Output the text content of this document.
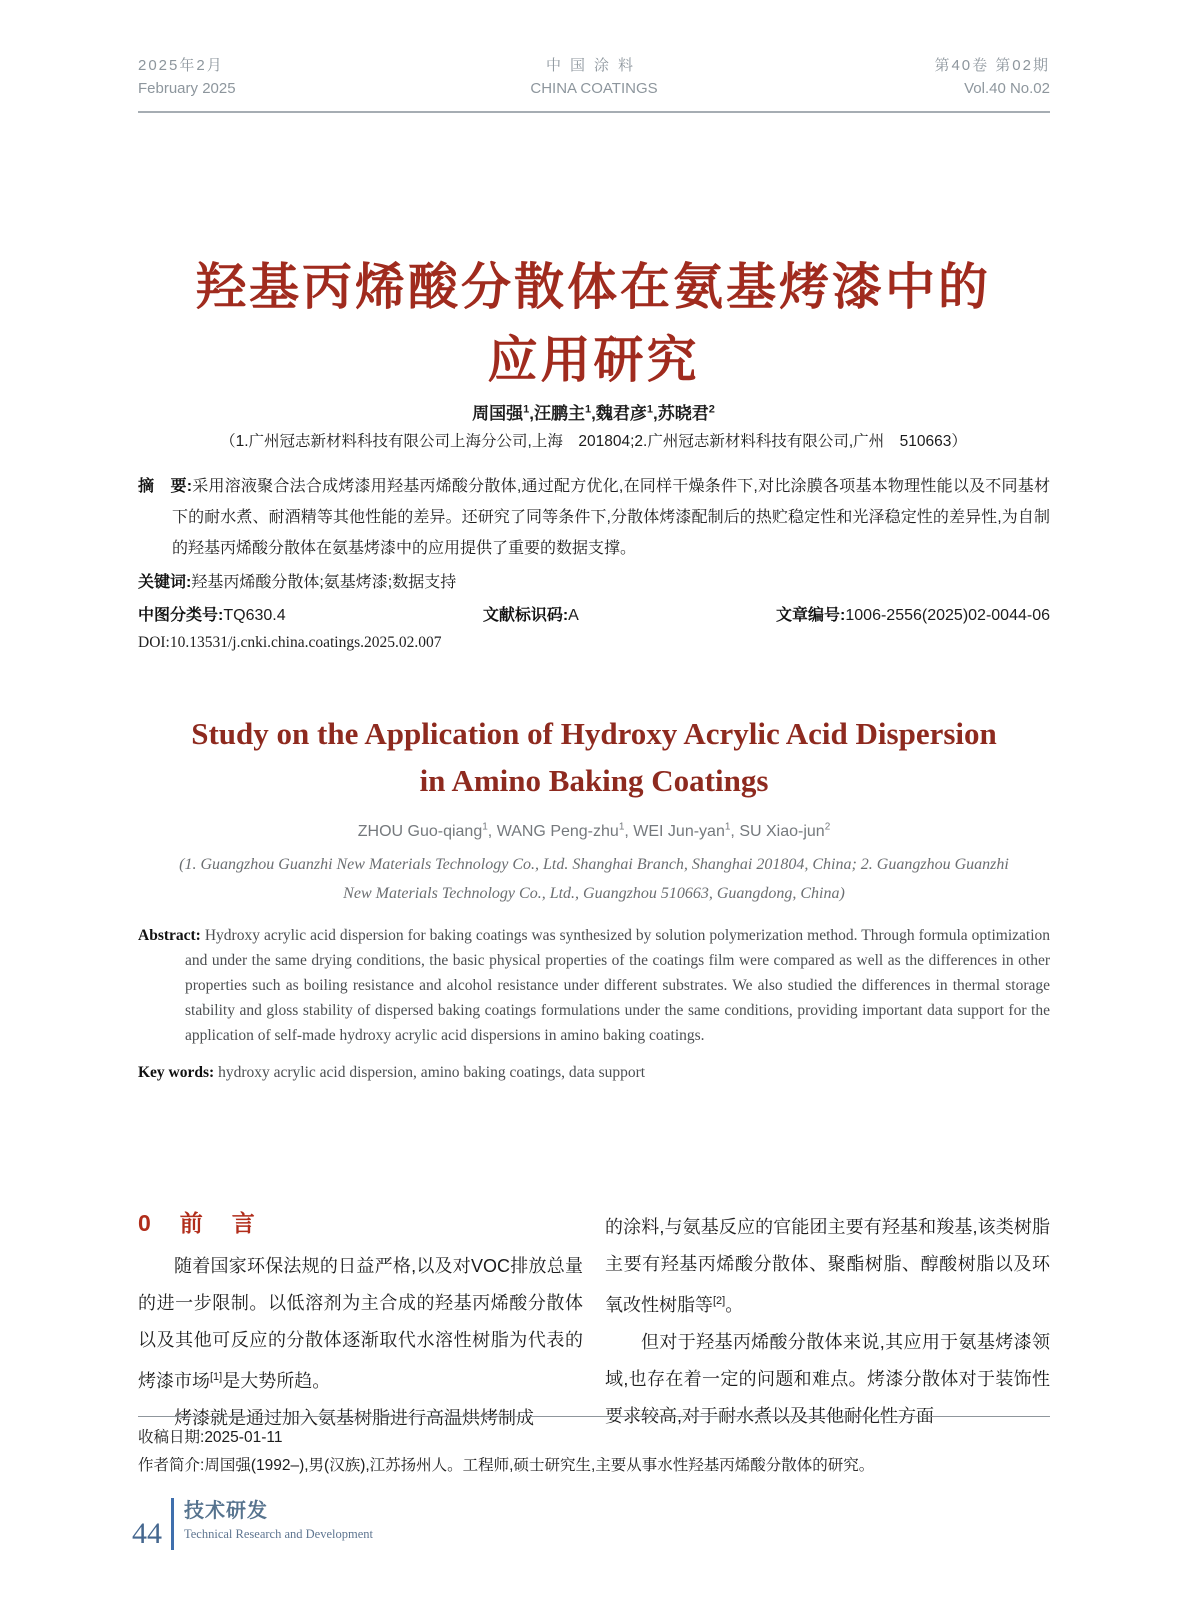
2025年2月
February 2025
中国涂料
CHINA COATINGS
第40卷 第02期
Vol.40 No.02
羟基丙烯酸分散体在氨基烤漆中的
应用研究
周国强$^1$,汪鹏主$^1$,魏君彦$^1$,苏晓君$^2$
（1.广州冠志新材料科技有限公司上海分公司,上海　201804;2.广州冠志新材料科技有限公司,广州　510663）

摘　要:采用溶液聚合法合成烤漆用羟基丙烯酸分散体,通过配方优化,在同样干燥条件下,对比涂膜各项基本物理性能以及不同基材下的耐水煮、耐酒精等其他性能的差异。还研究了同等条件下,分散体烤漆配制后的热贮稳定性和光泽稳定性的差异性,为自制的羟基丙烯酸分散体在氨基烤漆中的应用提供了重要的数据支撑。

关键词:羟基丙烯酸分散体;氨基烤漆;数据支持

中图分类号:TQ630.4	文献标识码:A	文章编号:1006-2556(2025)02-0044-06
DOI:10.13531/j.cnki.china.coatings.2025.02.007
Study on the Application of Hydroxy Acrylic Acid Dispersion
in Amino Baking Coatings
ZHOU Guo-qiang$^1$, WANG Peng-zhu$^1$, WEI Jun-yan$^1$, SU Xiao-jun$^2$
(1. Guangzhou Guanzhi New Materials Technology Co., Ltd. Shanghai Branch, Shanghai 201804, China; 2. Guangzhou Guanzhi
New Materials Technology Co., Ltd., Guangzhou 510663, Guangdong, China)

Abstract: Hydroxy acrylic acid dispersion for baking coatings was synthesized by solution polymerization method. Through formula optimization and under the same drying conditions, the basic physical properties of the coatings film were compared as well as the differences in other properties such as boiling resistance and alcohol resistance under different substrates. We also studied the differences in thermal storage stability and gloss stability of dispersed baking coatings formulations under the same conditions, providing important data support for the application of self-made hydroxy acrylic acid dispersions in amino baking coatings.

Key words: hydroxy acrylic acid dispersion, amino baking coatings, data support

0　前　言

随着国家环保法规的日益严格,以及对VOC排放总量的进一步限制。以低溶剂为主合成的羟基丙烯酸分散体以及其他可反应的分散体逐渐取代水溶性树脂为代表的烤漆市场[1]是大势所趋。

烤漆就是通过加入氨基树脂进行高温烘烤制成

的涂料,与氨基反应的官能团主要有羟基和羧基,该类树脂主要有羟基丙烯酸分散体、聚酯树脂、醇酸树脂以及环氧改性树脂等[2]。

但对于羟基丙烯酸分散体来说,其应用于氨基烤漆领域,也存在着一定的问题和难点。烤漆分散体对于装饰性要求较高,对于耐水煮以及其他耐化性方面

收稿日期:2025-01-11

作者简介:周国强(1992–),男(汉族),江苏扬州人。工程师,硕士研究生,主要从事水性羟基丙烯酸分散体的研究。

44
技术研发
Technical Research and Development
